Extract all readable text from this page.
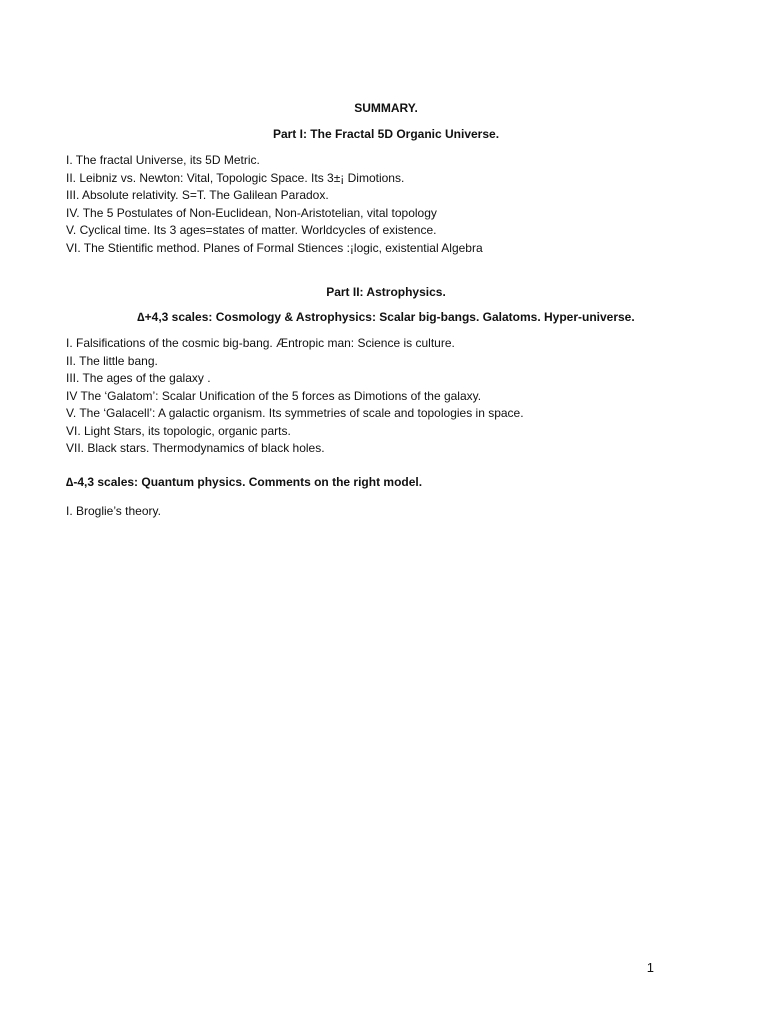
SUMMARY.

Part I: The Fractal 5D Organic Universe.

I. The fractal Universe, its 5D Metric.
II. Leibniz vs. Newton: Vital, Topologic Space. Its 3±¡ Dimotions.
III. Absolute relativity. S=T. The Galilean Paradox.
IV. The 5 Postulates of Non-Euclidean, Non-Aristotelian, vital topology
V. Cyclical time. Its 3 ages=states of matter. Worldcycles of existence.
VI. The Stientific method. Planes of Formal Stiences :¡logic, existential Algebra

Part II: Astrophysics.

∆+4,3 scales: Cosmology & Astrophysics: Scalar big-bangs. Galatoms. Hyper-universe.

I. Falsifications of the cosmic big-bang. Æntropic man: Science is culture.
II. The little bang.
III. The ages of the galaxy .
IV The ‘Galatom’: Scalar Unification of the 5 forces as Dimotions of the galaxy.
V. The ‘Galacell’: A galactic organism. Its symmetries of scale and topologies in space.
VI. Light Stars, its topologic, organic parts.
VII. Black stars. Thermodynamics of black holes.

∆-4,3 scales: Quantum physics. Comments on the right model.

I. Broglie’s theory.
1
